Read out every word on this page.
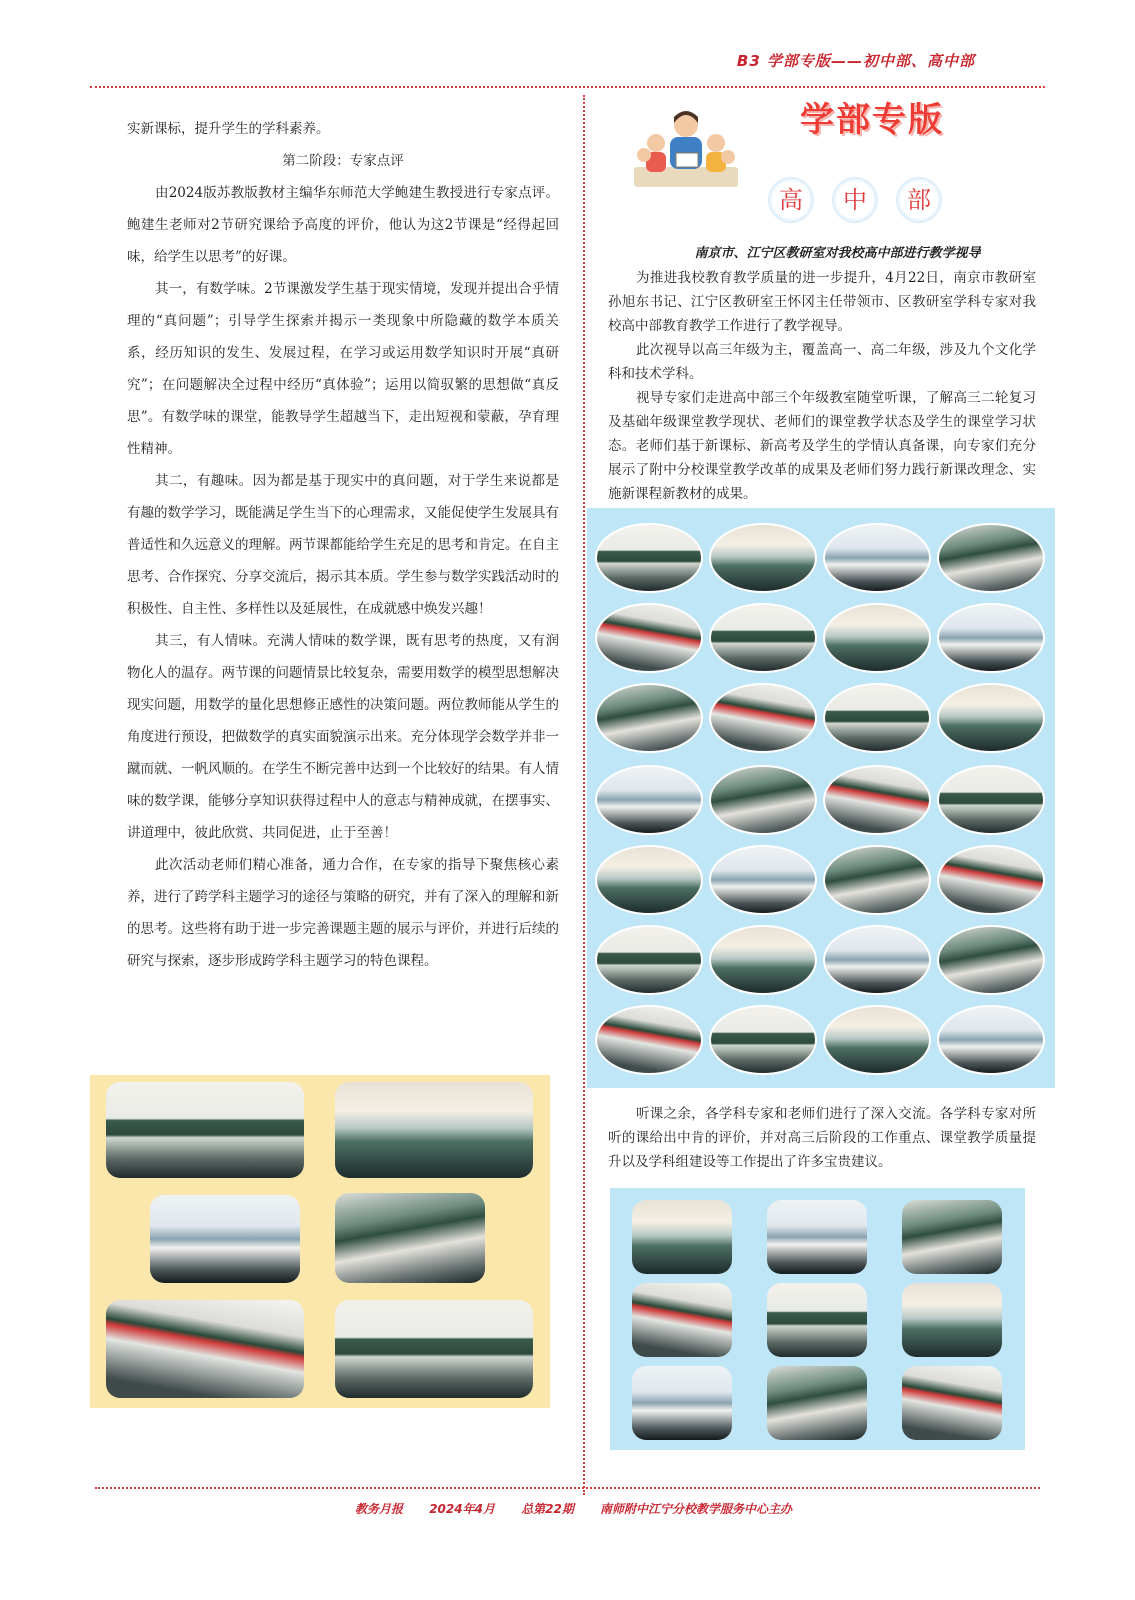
B3 学部专版——初中部、高中部

实新课标，提升学生的学科素养。

第二阶段：专家点评

由2024版苏教版教材主编华东师范大学鲍建生教授进行专家点评。鲍建生老师对2节研究课给予高度的评价，他认为这2节课是“经得起回味，给学生以思考”的好课。

其一，有数学味。2节课激发学生基于现实情境，发现并提出合乎情理的“真问题”；引导学生探索并揭示一类现象中所隐藏的数学本质关系，经历知识的发生、发展过程，在学习或运用数学知识时开展“真研究”；在问题解决全过程中经历“真体验”；运用以简驭繁的思想做“真反思”。有数学味的课堂，能教导学生超越当下，走出短视和蒙蔽，孕育理性精神。

其二，有趣味。因为都是基于现实中的真问题，对于学生来说都是有趣的数学学习，既能满足学生当下的心理需求，又能促使学生发展具有普适性和久远意义的理解。两节课都能给学生充足的思考和肯定。在自主思考、合作探究、分享交流后，揭示其本质。学生参与数学实践活动时的积极性、自主性、多样性以及延展性，在成就感中焕发兴趣！

其三，有人情味。充满人情味的数学课，既有思考的热度，又有润物化人的温存。两节课的问题情景比较复杂，需要用数学的模型思想解决现实问题，用数学的量化思想修正感性的决策问题。两位教师能从学生的角度进行预设，把做数学的真实面貌演示出来。充分体现学会数学并非一蹴而就、一帆风顺的。在学生不断完善中达到一个比较好的结果。有人情味的数学课，能够分享知识获得过程中人的意志与精神成就，在摆事实、讲道理中，彼此欣赏、共同促进，止于至善！

此次活动老师们精心准备，通力合作，在专家的指导下聚焦核心素养，进行了跨学科主题学习的途径与策略的研究，并有了深入的理解和新的思考。这些将有助于进一步完善课题主题的展示与评价，并进行后续的研究与探索，逐步形成跨学科主题学习的特色课程。

学部专版
高	中	部
南京市、江宁区教研室对我校高中部进行教学视导

为推进我校教育教学质量的进一步提升，4月22日，南京市教研室孙旭东书记、江宁区教研室王怀冈主任带领市、区教研室学科专家对我校高中部教育教学工作进行了教学视导。

此次视导以高三年级为主，覆盖高一、高二年级，涉及九个文化学科和技术学科。

视导专家们走进高中部三个年级教室随堂听课，了解高三二轮复习及基础年级课堂教学现状、老师们的课堂教学状态及学生的课堂学习状态。老师们基于新课标、新高考及学生的学情认真备课，向专家们充分展示了附中分校课堂教学改革的成果及老师们努力践行新课改理念、实施新课程新教材的成果。

听课之余，各学科专家和老师们进行了深入交流。各学科专家对所听的课给出中肯的评价，并对高三后阶段的工作重点、课堂教学质量提升以及学科组建设等工作提出了许多宝贵建议。

教务月报 2024年4月 总第22期 南师附中江宁分校教学服务中心主办
